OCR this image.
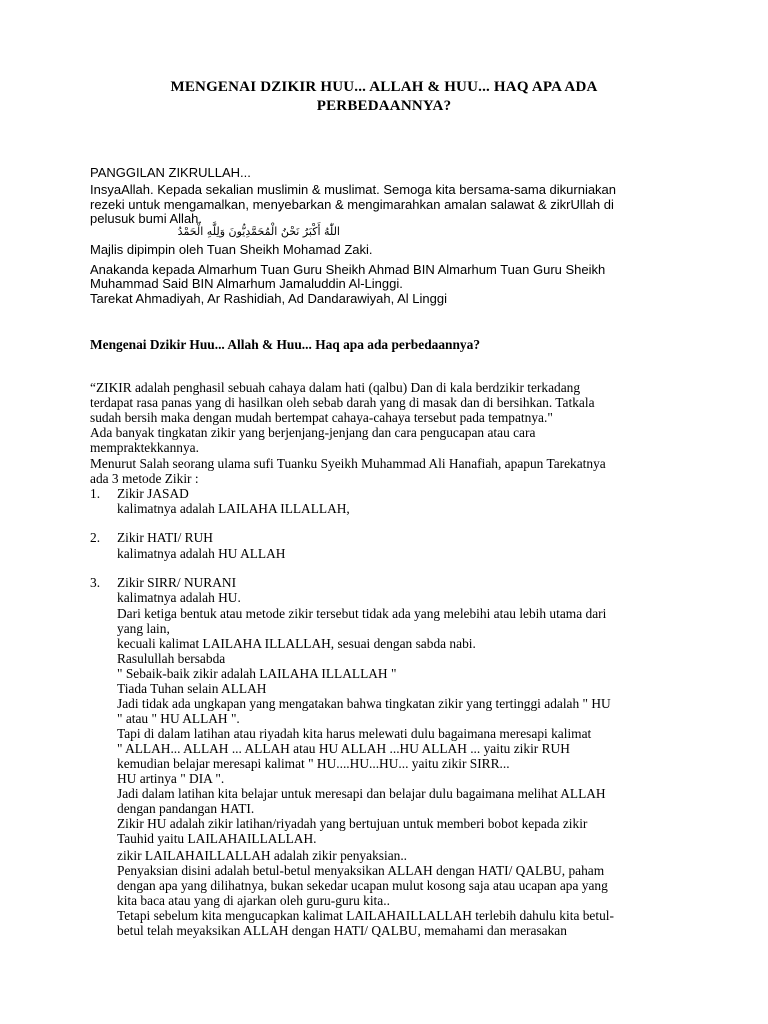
MENGENAI DZIKIR HUU... ALLAH & HUU... HAQ APA ADA
PERBEDAANNYA?
PANGGILAN ZIKRULLAH...
InsyaAllah. Kepada sekalian muslimin & muslimat. Semoga kita bersama-sama dikurniakan
rezeki untuk mengamalkan, menyebarkan & mengimarahkan amalan salawat & zikrUllah di
pelusuk bumi Allah.
اللّٰهُ أَكْبَرُ نَحْنُ الْمُحَمَّدِيُّونَ وَلِلَّهِ الْحَمْدُ
Majlis dipimpin oleh Tuan Sheikh Mohamad Zaki.
Anakanda kepada Almarhum Tuan Guru Sheikh Ahmad BIN Almarhum Tuan Guru Sheikh
Muhammad Said BIN Almarhum Jamaluddin Al-Linggi.
Tarekat Ahmadiyah, Ar Rashidiah, Ad Dandarawiyah, Al Linggi
Mengenai Dzikir Huu... Allah & Huu... Haq apa ada perbedaannya?
“ZIKIR adalah penghasil sebuah cahaya dalam hati (qalbu) Dan di kala berdzikir terkadang
terdapat rasa panas yang di hasilkan oleh sebab darah yang di masak dan di bersihkan. Tatkala
sudah bersih maka dengan mudah bertempat cahaya-cahaya tersebut pada tempatnya."
Ada banyak tingkatan zikir yang berjenjang-jenjang dan cara pengucapan atau cara
mempraktekkannya.
Menurut Salah seorang ulama sufi Tuanku Syeikh Muhammad Ali Hanafiah, apapun Tarekatnya
ada 3 metode Zikir :
1. Zikir JASAD
kalimatnya adalah LAILAHA ILLALLAH,
2. Zikir HATI/ RUH
kalimatnya adalah HU ALLAH
3. Zikir SIRR/ NURANI
kalimatnya adalah HU.
Dari ketiga bentuk atau metode zikir tersebut tidak ada yang melebihi atau lebih utama dari
yang lain,
kecuali kalimat LAILAHA ILLALLAH, sesuai dengan sabda nabi.
Rasulullah bersabda
" Sebaik-baik zikir adalah LAILAHA ILLALLAH "
Tiada Tuhan selain ALLAH
Jadi tidak ada ungkapan yang mengatakan bahwa tingkatan zikir yang tertinggi adalah " HU
" atau " HU ALLAH ".
Tapi di dalam latihan atau riyadah kita harus melewati dulu bagaimana meresapi kalimat
" ALLAH... ALLAH ... ALLAH atau HU ALLAH ...HU ALLAH ... yaitu zikir RUH
kemudian belajar meresapi kalimat " HU....HU...HU... yaitu zikir SIRR...
HU artinya " DIA ".
Jadi dalam latihan kita belajar untuk meresapi dan belajar dulu bagaimana melihat ALLAH
dengan pandangan HATI.
Zikir HU adalah zikir latihan/riyadah yang bertujuan untuk memberi bobot kepada zikir
Tauhid yaitu LAILAHAILLALLAH.
zikir LAILAHAILLALLAH adalah zikir penyaksian..
Penyaksian disini adalah betul-betul menyaksikan ALLAH dengan HATI/ QALBU, paham
dengan apa yang dilihatnya, bukan sekedar ucapan mulut kosong saja atau ucapan apa yang
kita baca atau yang di ajarkan oleh guru-guru kita..
Tetapi sebelum kita mengucapkan kalimat LAILAHAILLALLAH terlebih dahulu kita betul-
betul telah meyaksikan ALLAH dengan HATI/ QALBU, memahami dan merasakan
